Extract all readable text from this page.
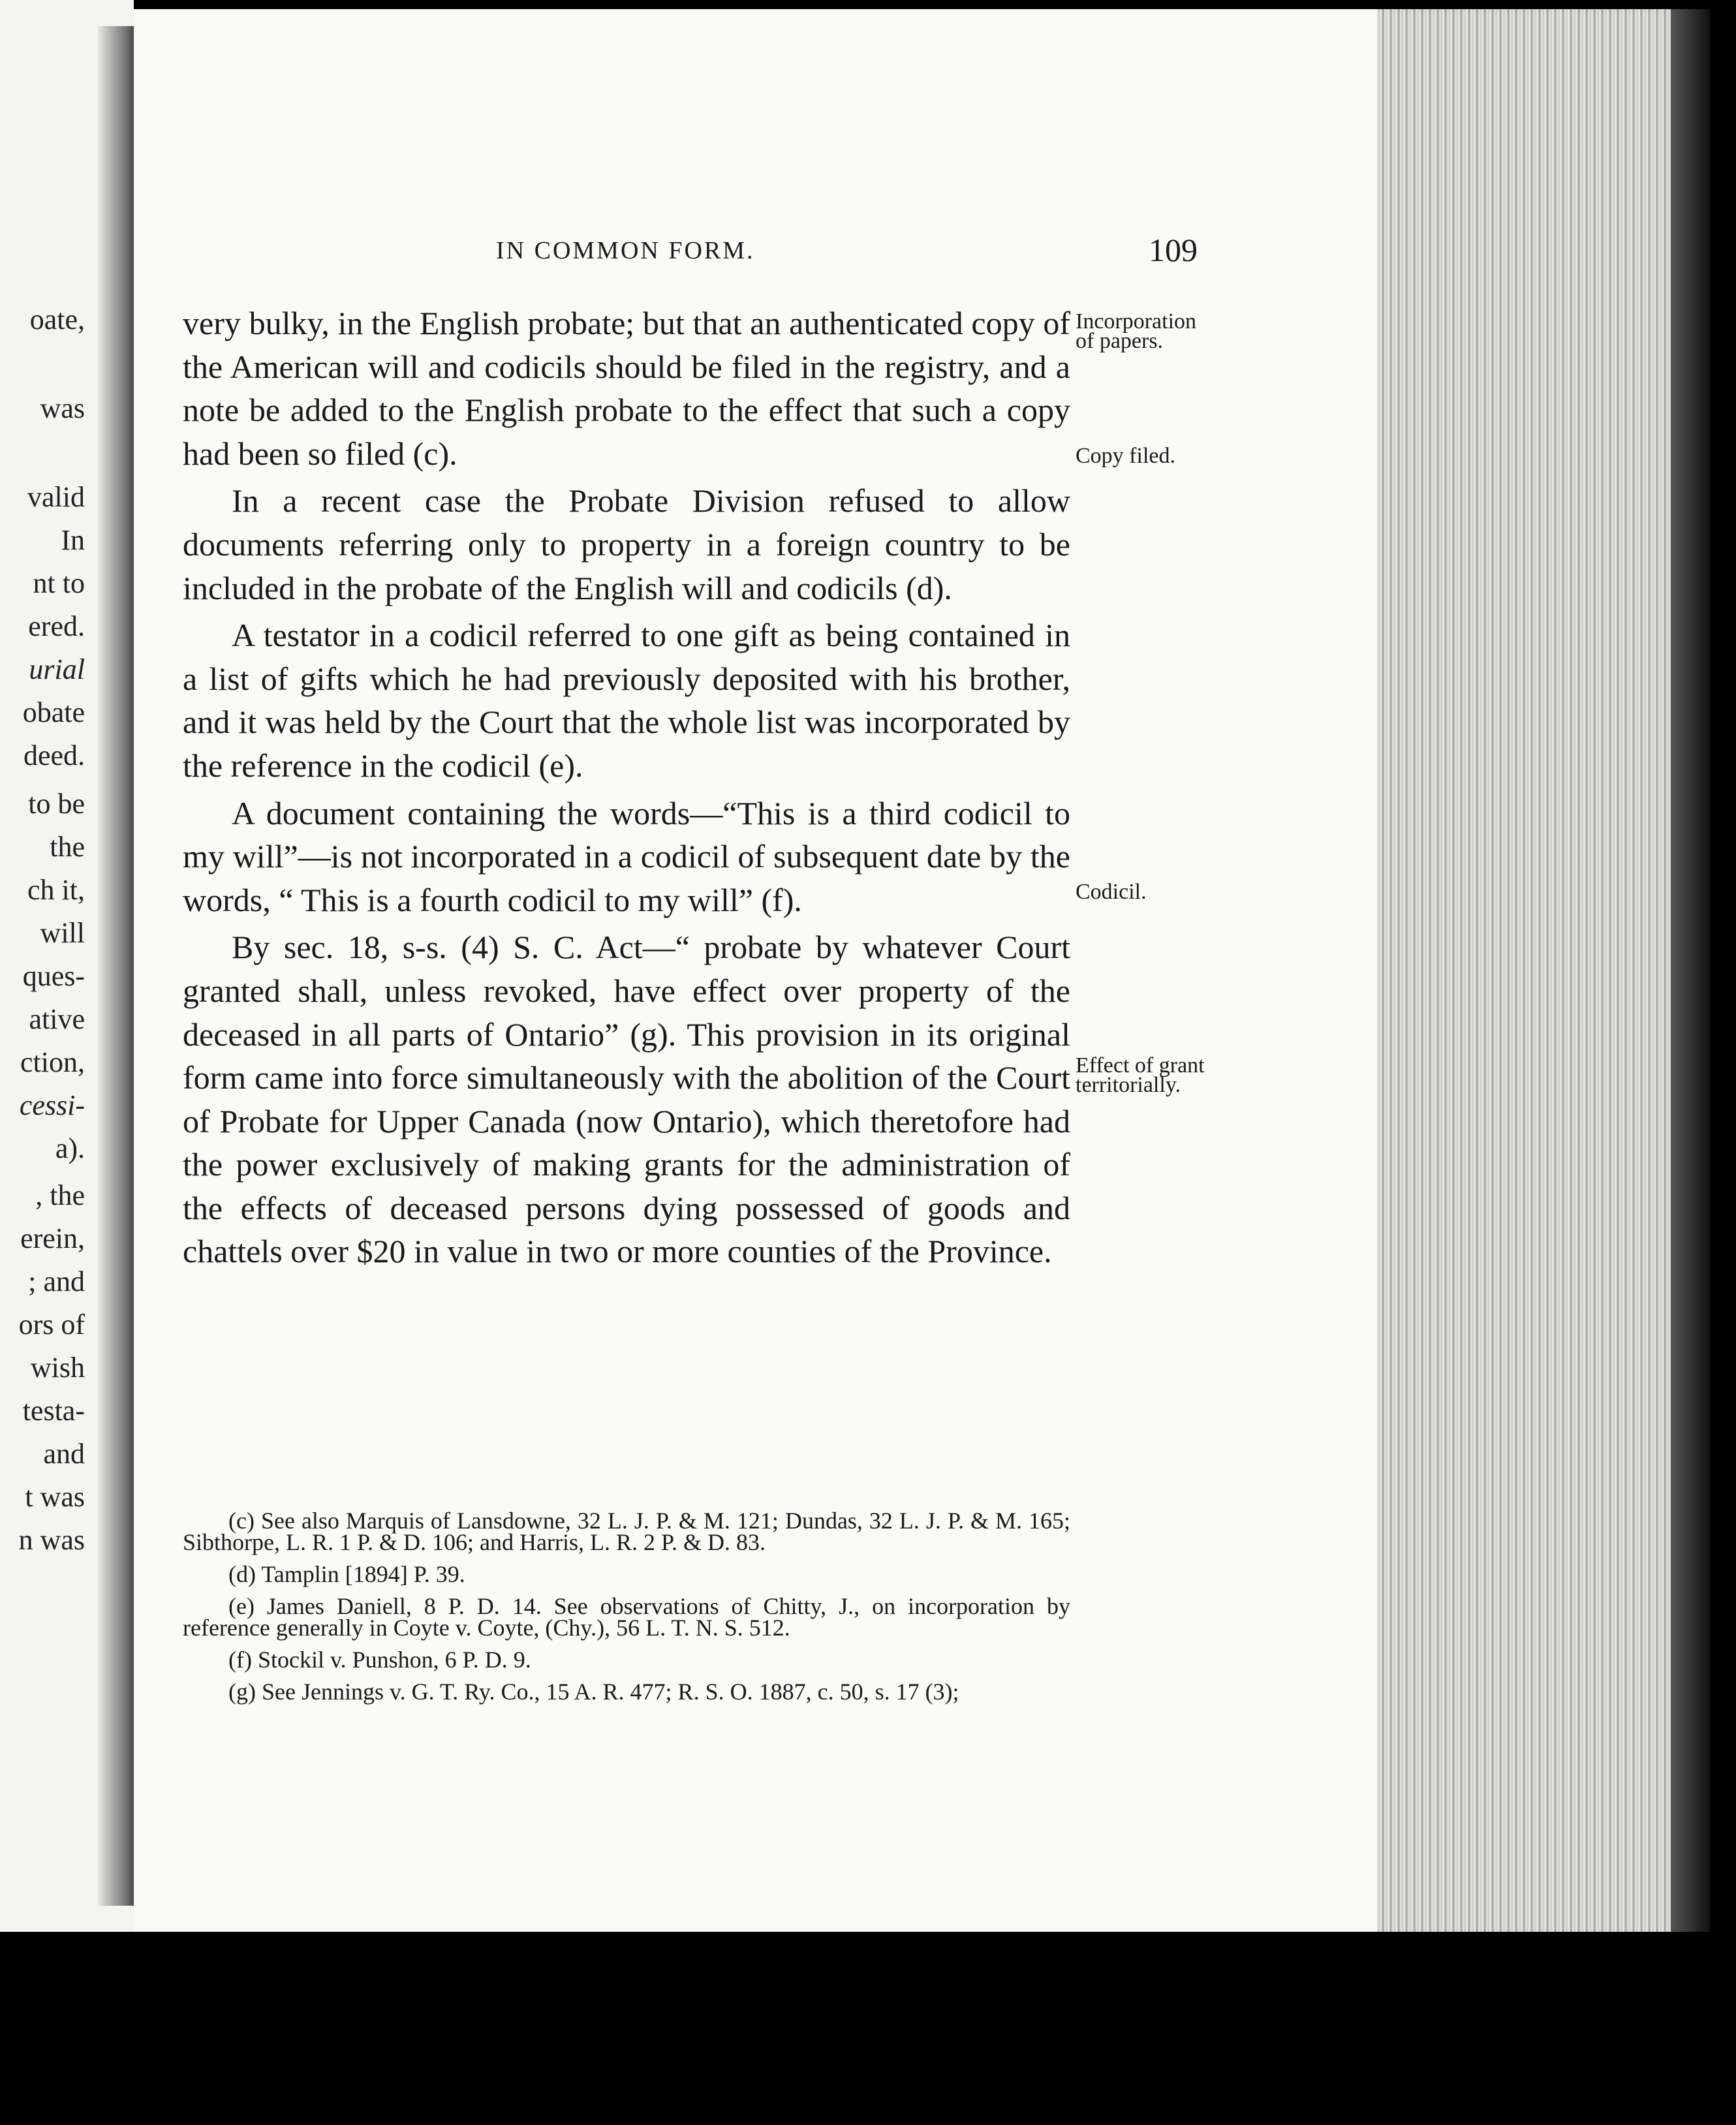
oate,
was
valid
In
nt to
ered.
urial
obate
deed.
to be
the
ch it,
will
ques-
ative
ction,
cessi-
a).
, the
erein,
; and
ors of
wish
testa-
and
t was
n was
IN COMMON FORM.	109

very bulky, in the English probate; but that an authenticated copy of the American will and codicils should be filed in the registry, and a note be added to the English probate to the effect that such a copy had been so filed (c).

In a recent case the Probate Division refused to allow documents referring only to property in a foreign country to be included in the probate of the English will and codicils (d).

A testator in a codicil referred to one gift as being contained in a list of gifts which he had previously deposited with his brother, and it was held by the Court that the whole list was incorporated by the reference in the codicil (e).

A document containing the words—“This is a third codicil to my will”—is not incorporated in a codicil of subsequent date by the words, “ This is a fourth codicil to my will” (f).

By sec. 18, s-s. (4) S. C. Act—“ probate by whatever Court granted shall, unless revoked, have effect over property of the deceased in all parts of Ontario” (g). This provision in its original form came into force simultaneously with the abolition of the Court of Probate for Upper Canada (now Ontario), which theretofore had the power exclusively of making grants for the administration of the effects of deceased persons dying possessed of goods and chattels over $20 in value in two or more counties of the Province.

Incorporation of papers.
Copy filed.
Codicil.
Effect of grant territorially.

(c) See also Marquis of Lansdowne, 32 L. J. P. & M. 121; Dundas, 32 L. J. P. & M. 165; Sibthorpe, L. R. 1 P. & D. 106; and Harris, L. R. 2 P. & D. 83.

(d) Tamplin [1894] P. 39.

(e) James Daniell, 8 P. D. 14. See observations of Chitty, J., on incorporation by reference generally in Coyte v. Coyte, (Chy.), 56 L. T. N. S. 512.

(f) Stockil v. Punshon, 6 P. D. 9.

(g) See Jennings v. G. T. Ry. Co., 15 A. R. 477; R. S. O. 1887, c. 50, s. 17 (3);
